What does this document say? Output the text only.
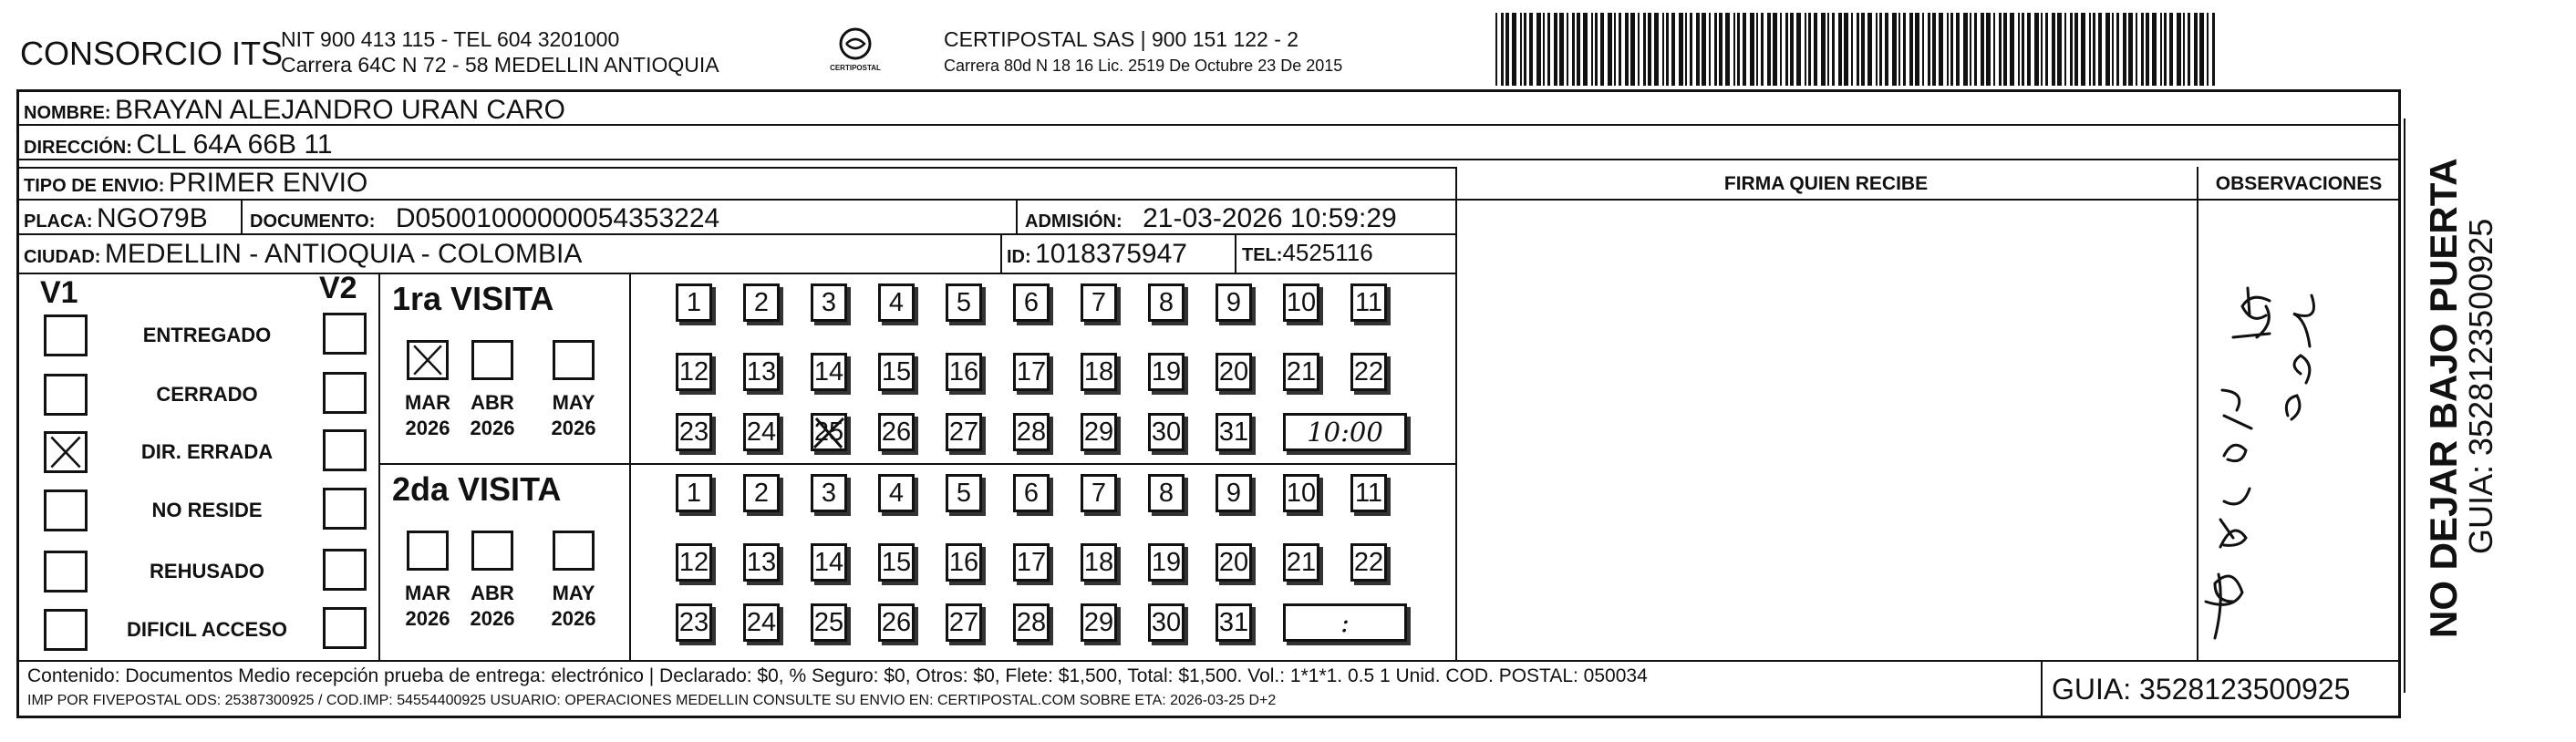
CONSORCIO ITS
NIT 900 413 115 - TEL 604 3201000
Carrera 64C N 72 - 58 MEDELLIN ANTIOQUIA	CERTIPOSTAL
CERTIPOSTAL SAS | 900 151 122 - 2
Carrera 80d N 18 16 Lic. 2519 De Octubre 23 De 2015
NOMBRE: BRAYAN ALEJANDRO URAN CARO
DIRECCIÓN: CLL 64A 66B 11
TIPO DE ENVIO: PRIMER ENVIO	FIRMA QUIEN RECIBE	OBSERVACIONES
PLACA: NGO79B DOCUMENTO: D05001000000054353224	ADMISIÓN: 21-03-2026 10:59:29
CIUDAD: MEDELLIN - ANTIOQUIA - COLOMBIA	ID: 1018375947	TEL:4525116
V1	V2
ENTREGADO
CERRADO
DIR. ERRADA
NO RESIDE
REHUSADO
DIFICIL ACCESO
1ra VISITA
MAR
2026
ABR
2026
MAY
2026
1	2	3	4	5	6	7	8	9	10 11
12 13 14 15 16 17 18 19 20 21 22
23 24 25 26 27 28 29 30 31	10:00
2da VISITA
MAR
2026
ABR
2026
MAY
2026
1	2	3	4	5	6	7	8	9	10 11
12 13 14 15 16 17 18 19 20 21 22
23 24 25 26 27 28 29 30 31	:
Contenido: Documentos Medio recepción prueba de entrega: electrónico | Declarado: $0, % Seguro: $0, Otros: $0, Flete: $1,500, Total: $1,500. Vol.: 1*1*1. 0.5 1 Unid. COD. POSTAL: 050034
IMP POR FIVEPOSTAL ODS: 25387300925 / COD.IMP: 54554400925 USUARIO: OPERACIONES MEDELLIN CONSULTE SU ENVIO EN: CERTIPOSTAL.COM SOBRE ETA: 2026-03-25 D+2	GUIA: 3528123500925
NO DEJAR BAJO PUERTA
GUIA: 3528123500925
